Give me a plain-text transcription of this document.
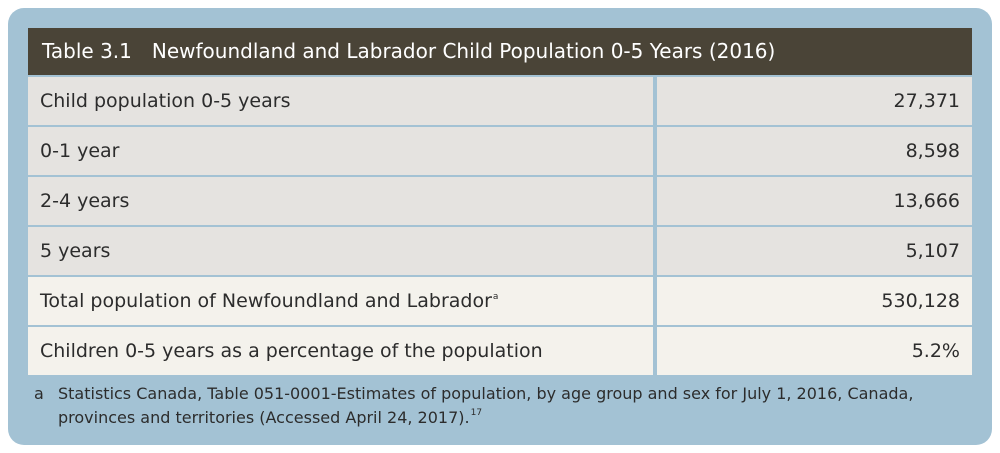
Table 3.1 Newfoundland and Labrador Child Population 0-5 Years (2016)
Child population 0-5 years	27,371
0-1 year	8,598
2-4 years	13,666
5 years	5,107
Total population of Newfoundland and Labrador$^a$	530,128
Children 0-5 years as a percentage of the population	5.2%
a Statistics Canada, Table 051-0001-Estimates of population, by age group and sex for July 1, 2016, Canada, provinces and territories (Accessed April 24, 2017).$^{17}$
